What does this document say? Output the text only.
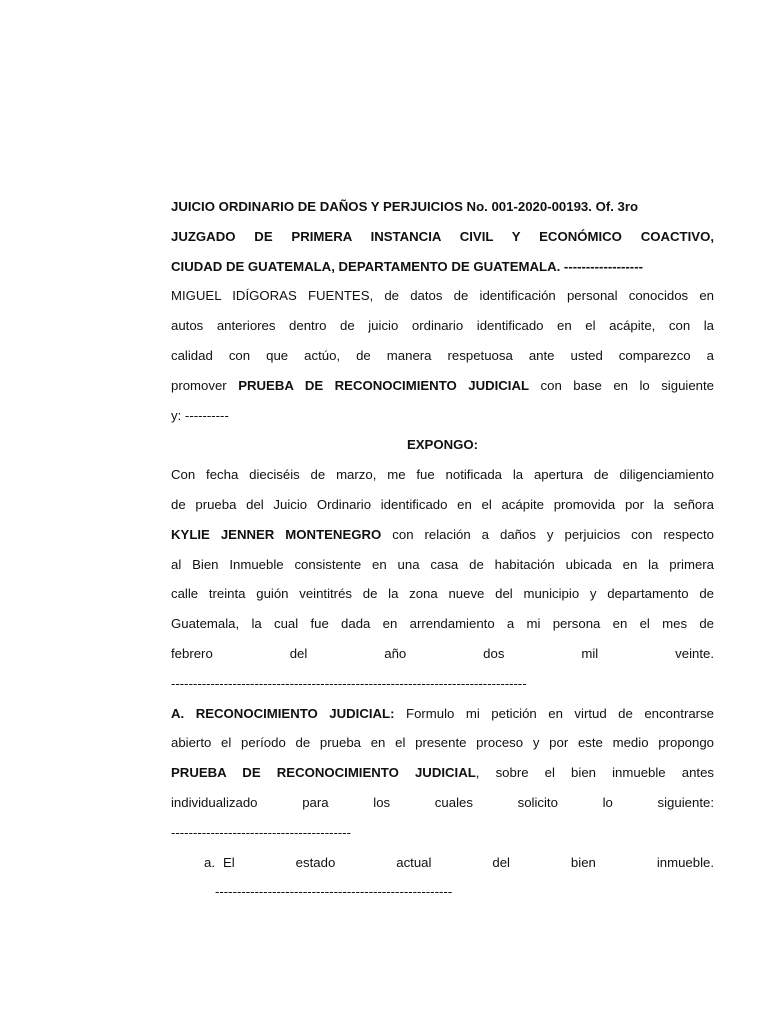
JUICIO ORDINARIO DE DAÑOS Y PERJUICIOS No. 001-2020-00193. Of. 3ro
JUZGADO DE PRIMERA INSTANCIA CIVIL Y ECONÓMICO COACTIVO,
CIUDAD DE GUATEMALA, DEPARTAMENTO DE GUATEMALA. ------------------
MIGUEL IDÍGORAS FUENTES, de datos de identificación personal conocidos en
autos anteriores dentro de juicio ordinario identificado en el acápite, con la
calidad con que actúo, de manera respetuosa ante usted comparezco a
promover PRUEBA DE RECONOCIMIENTO JUDICIAL con base en lo siguiente
y: ----------
EXPONGO:
Con fecha dieciséis de marzo, me fue notificada la apertura de diligenciamiento
de prueba del Juicio Ordinario identificado en el acápite promovida por la señora
KYLIE JENNER MONTENEGRO con relación a daños y perjuicios con respecto
al Bien Inmueble consistente en una casa de habitación ubicada en la primera
calle treinta guión veintitrés de la zona nueve del municipio y departamento de
Guatemala, la cual fue dada en arrendamiento a mi persona en el mes de
febrero del año dos mil veinte.
---------------------------------------------------------------------------------
A. RECONOCIMIENTO JUDICIAL: Formulo mi petición en virtud de encontrarse
abierto el período de prueba en el presente proceso y por este medio propongo
PRUEBA DE RECONOCIMIENTO JUDICIAL, sobre el bien inmueble antes
individualizado para los cuales solicito lo siguiente:
-----------------------------------------
a. El estado actual del bien inmueble.
------------------------------------------------------
